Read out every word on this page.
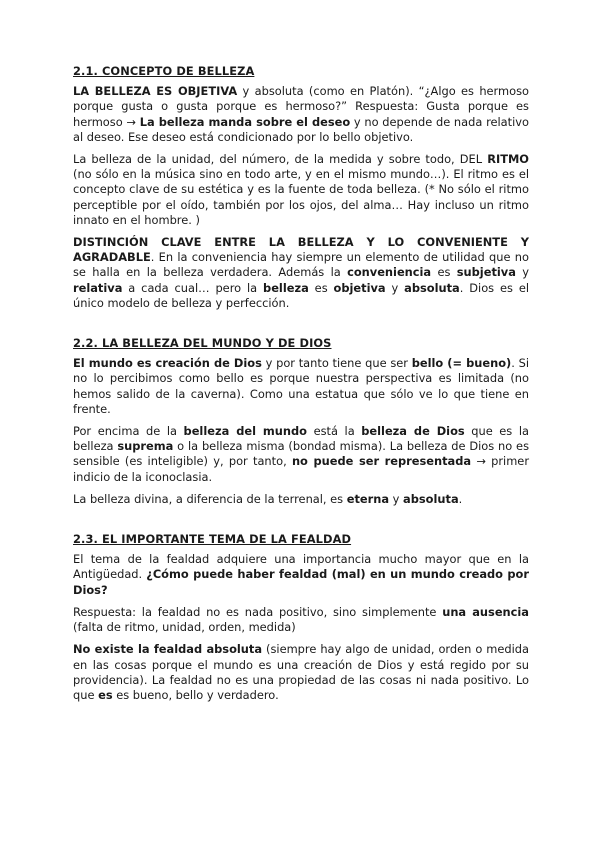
2.1. CONCEPTO DE BELLEZA

LA BELLEZA ES OBJETIVA y absoluta (como en Platón). “¿Algo es hermoso porque gusta o gusta porque es hermoso?” Respuesta: Gusta porque es hermoso → La belleza manda sobre el deseo y no depende de nada relativo al deseo. Ese deseo está condicionado por lo bello objetivo.

La belleza de la unidad, del número, de la medida y sobre todo, DEL RITMO (no sólo en la música sino en todo arte, y en el mismo mundo…). El ritmo es el concepto clave de su estética y es la fuente de toda belleza. (* No sólo el ritmo perceptible por el oído, también por los ojos, del alma… Hay incluso un ritmo innato en el hombre. )

DISTINCIÓN CLAVE ENTRE LA BELLEZA Y LO CONVENIENTE Y AGRADABLE. En la conveniencia hay siempre un elemento de utilidad que no se halla en la belleza verdadera. Además la conveniencia es subjetiva y relativa a cada cual… pero la belleza es objetiva y absoluta. Dios es el único modelo de belleza y perfección.

2.2. LA BELLEZA DEL MUNDO Y DE DIOS

El mundo es creación de Dios y por tanto tiene que ser bello (= bueno). Si no lo percibimos como bello es porque nuestra perspectiva es limitada (no hemos salido de la caverna). Como una estatua que sólo ve lo que tiene en frente.

Por encima de la belleza del mundo está la belleza de Dios que es la belleza suprema o la belleza misma (bondad misma). La belleza de Dios no es sensible (es inteligible) y, por tanto, no puede ser representada → primer indicio de la iconoclasia.

La belleza divina, a diferencia de la terrenal, es eterna y absoluta.

2.3. EL IMPORTANTE TEMA DE LA FEALDAD

El tema de la fealdad adquiere una importancia mucho mayor que en la Antigüedad. ¿Cómo puede haber fealdad (mal) en un mundo creado por Dios?

Respuesta: la fealdad no es nada positivo, sino simplemente una ausencia (falta de ritmo, unidad, orden, medida)

No existe la fealdad absoluta (siempre hay algo de unidad, orden o medida en las cosas porque el mundo es una creación de Dios y está regido por su providencia). La fealdad no es una propiedad de las cosas ni nada positivo. Lo que es es bueno, bello y verdadero.
